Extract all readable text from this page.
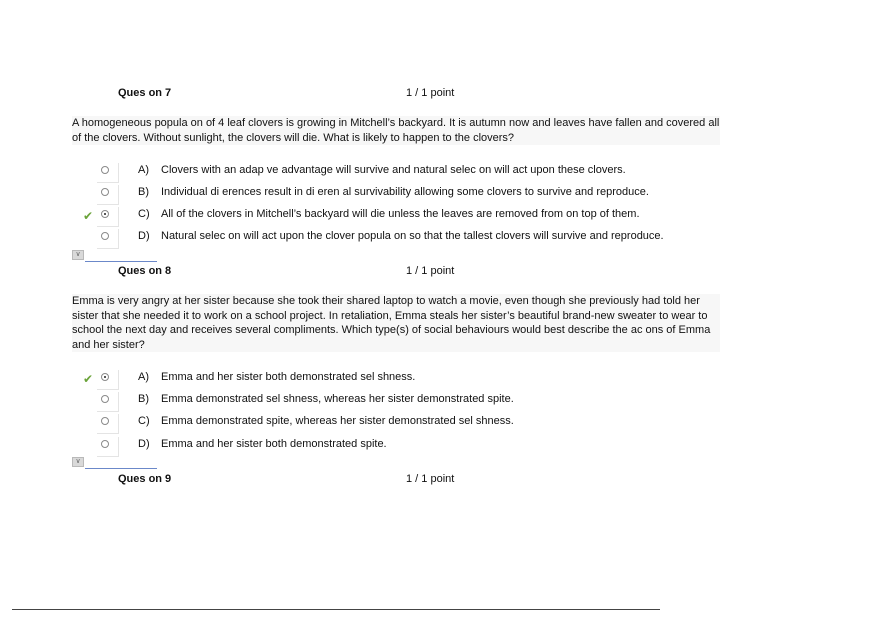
Ques on 7	1 / 1 point
A homogeneous popula on of 4 leaf clovers is growing in Mitchell’s backyard. It is autumn now and leaves have fallen and covered all of the clovers. Without sunlight, the clovers will die. What is likely to happen to the clovers?
A) Clovers with an adap ve advantage will survive and natural selec on will act upon these clovers.
B) Individual di erences result in di eren al survivability allowing some clovers to survive and reproduce.
✔	C) All of the clovers in Mitchell’s backyard will die unless the leaves are removed from on top of them.
D) Natural selec on will act upon the clover popula on so that the tallest clovers will survive and reproduce.
∨
Ques on 8	1 / 1 point
Emma is very angry at her sister because she took their shared laptop to watch a movie, even though she previously had told her sister that she needed it to work on a school project. In retaliation, Emma steals her sister’s beautiful brand-new sweater to wear to school the next day and receives several compliments. Which type(s) of social behaviours would best describe the ac ons of Emma and her sister?
✔	A) Emma and her sister both demonstrated sel shness.
B) Emma demonstrated sel shness, whereas her sister demonstrated spite.
C) Emma demonstrated spite, whereas her sister demonstrated sel shness.
D) Emma and her sister both demonstrated spite.
∨
Ques on 9	1 / 1 point
